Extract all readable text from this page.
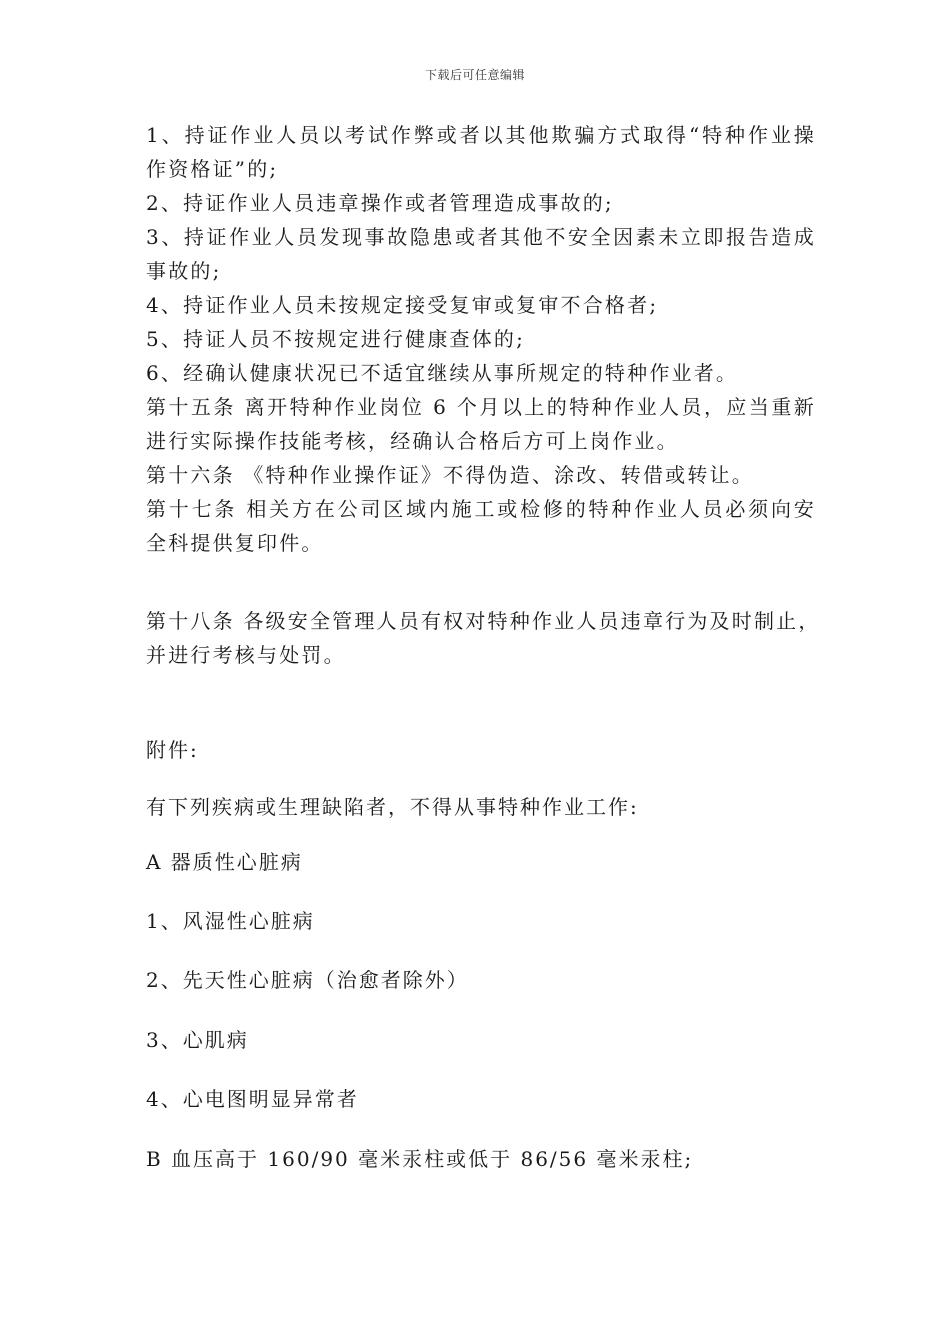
下载后可任意编辑
1、持证作业人员以考试作弊或者以其他欺骗方式取得“特种作业操
作资格证”的;
2、持证作业人员违章操作或者管理造成事故的;
3、持证作业人员发现事故隐患或者其他不安全因素未立即报告造成
事故的;
4、持证作业人员未按规定接受复审或复审不合格者;
5、持证人员不按规定进行健康查体的;
6、经确认健康状况已不适宜继续从事所规定的特种作业者。
第十五条 离开特种作业岗位 6 个月以上的特种作业人员，应当重新
进行实际操作技能考核，经确认合格后方可上岗作业。
第十六条 《特种作业操作证》不得伪造、涂改、转借或转让。
第十七条 相关方在公司区域内施工或检修的特种作业人员必须向安
全科提供复印件。
第十八条 各级安全管理人员有权对特种作业人员违章行为及时制止，
并进行考核与处罚。
附件:
有下列疾病或生理缺陷者，不得从事特种作业工作:
A 器质性心脏病
1、风湿性心脏病
2、先天性心脏病（治愈者除外）
3、心肌病
4、心电图明显异常者
B 血压高于 160/90 毫米汞柱或低于 86/56 毫米汞柱;
